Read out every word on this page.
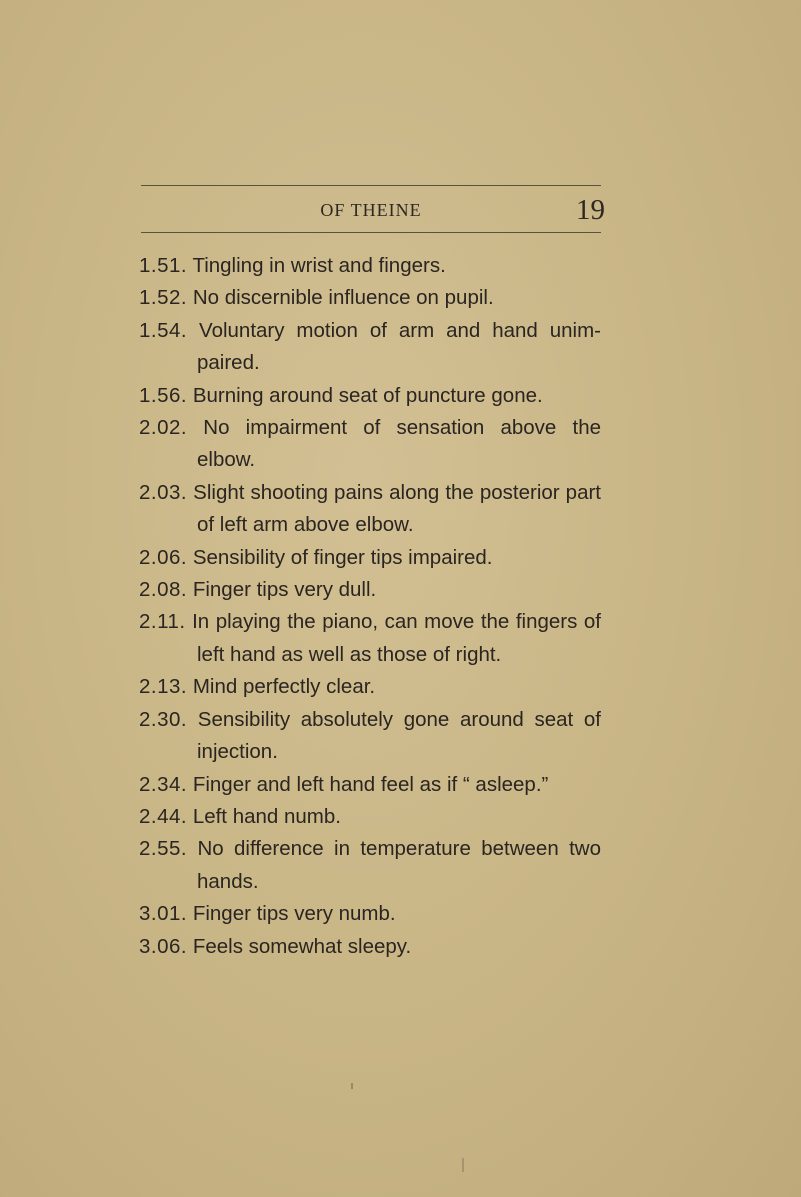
OF THEINE	19
1.51. Tingling in wrist and fingers.
1.52. No discernible influence on pupil.
1.54. Voluntary motion of arm and hand unimpaired.
1.56. Burning around seat of puncture gone.
2.02. No impairment of sensation above the elbow.
2.03. Slight shooting pains along the posterior part of left arm above elbow.
2.06. Sensibility of finger tips impaired.
2.08. Finger tips very dull.
2.11. In playing the piano, can move the fingers of left hand as well as those of right.
2.13. Mind perfectly clear.
2.30. Sensibility absolutely gone around seat of injection.
2.34. Finger and left hand feel as if “ asleep.”
2.44. Left hand numb.
2.55. No difference in temperature between two hands.
3.01. Finger tips very numb.
3.06. Feels somewhat sleepy.
